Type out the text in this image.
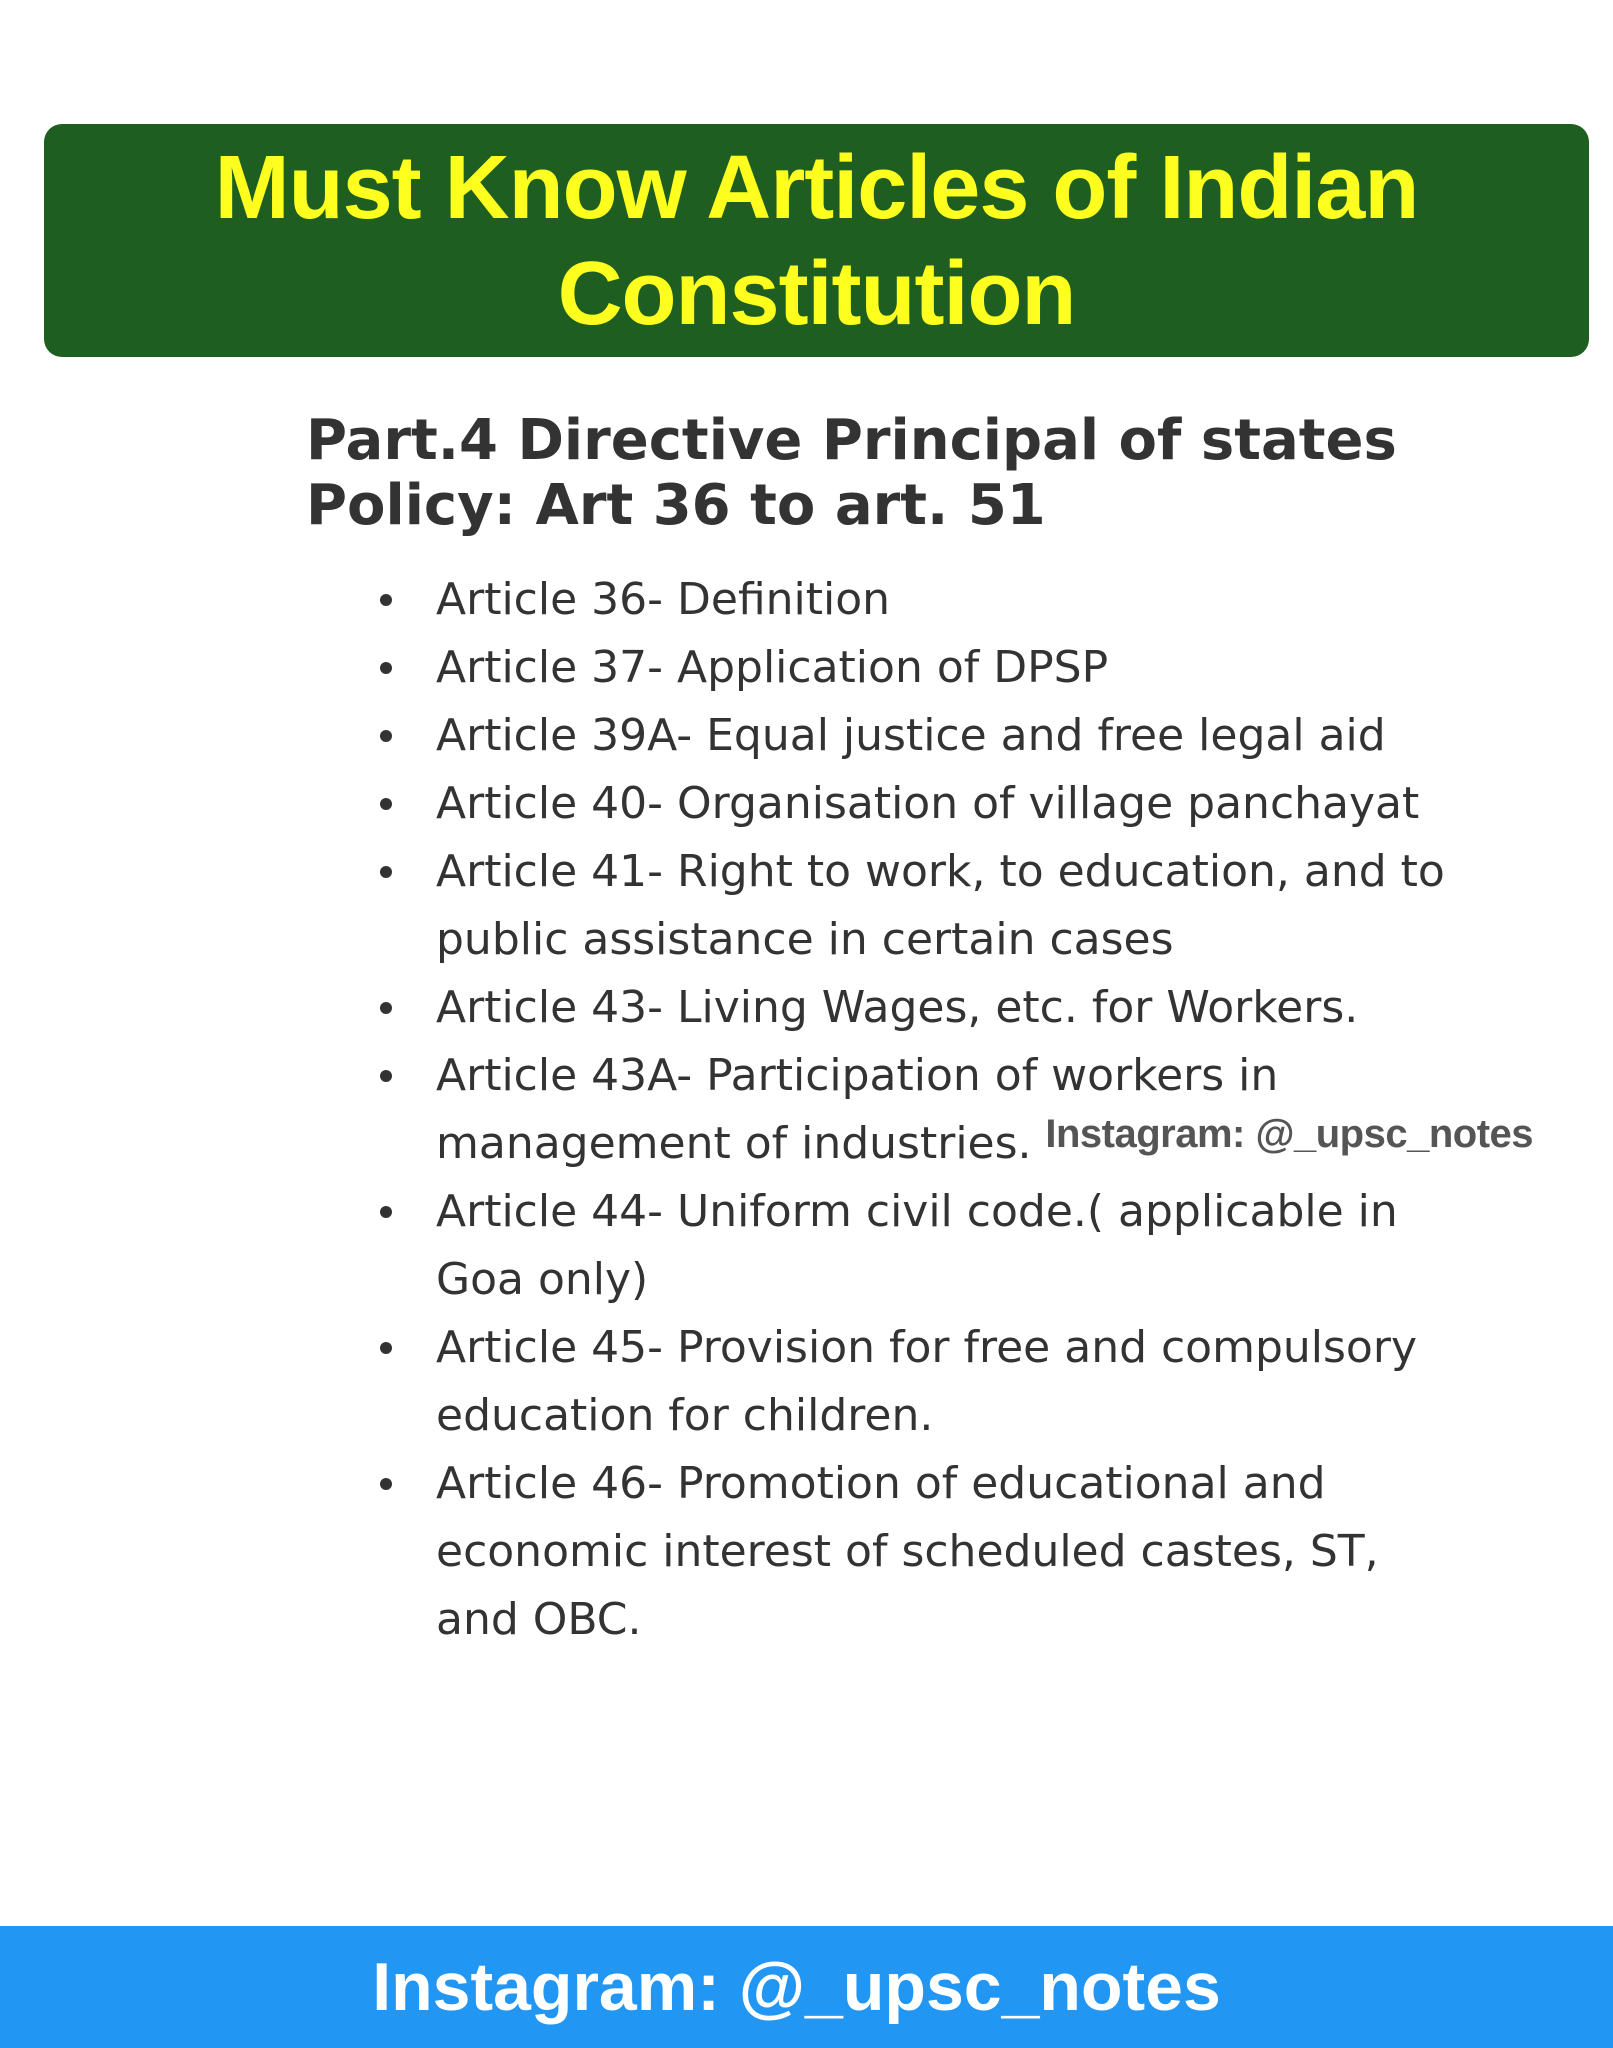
Must Know Articles of Indian Constitution
Part.4 Directive Principal of states Policy: Art 36 to art. 51
Article 36- Definition
Article 37- Application of DPSP
Article 39A- Equal justice and free legal aid
Article 40- Organisation of village panchayat
Article 41- Right to work, to education, and to public assistance in certain cases
Article 43- Living Wages, etc. for Workers.
Article 43A- Participation of workers in management of industries.
Article 44- Uniform civil code.( applicable in Goa only)
Article 45- Provision for free and compulsory education for children.
Article 46- Promotion of educational and economic interest of scheduled castes, ST, and OBC.
Instagram: @_upsc_notes
Instagram: @_upsc_notes
